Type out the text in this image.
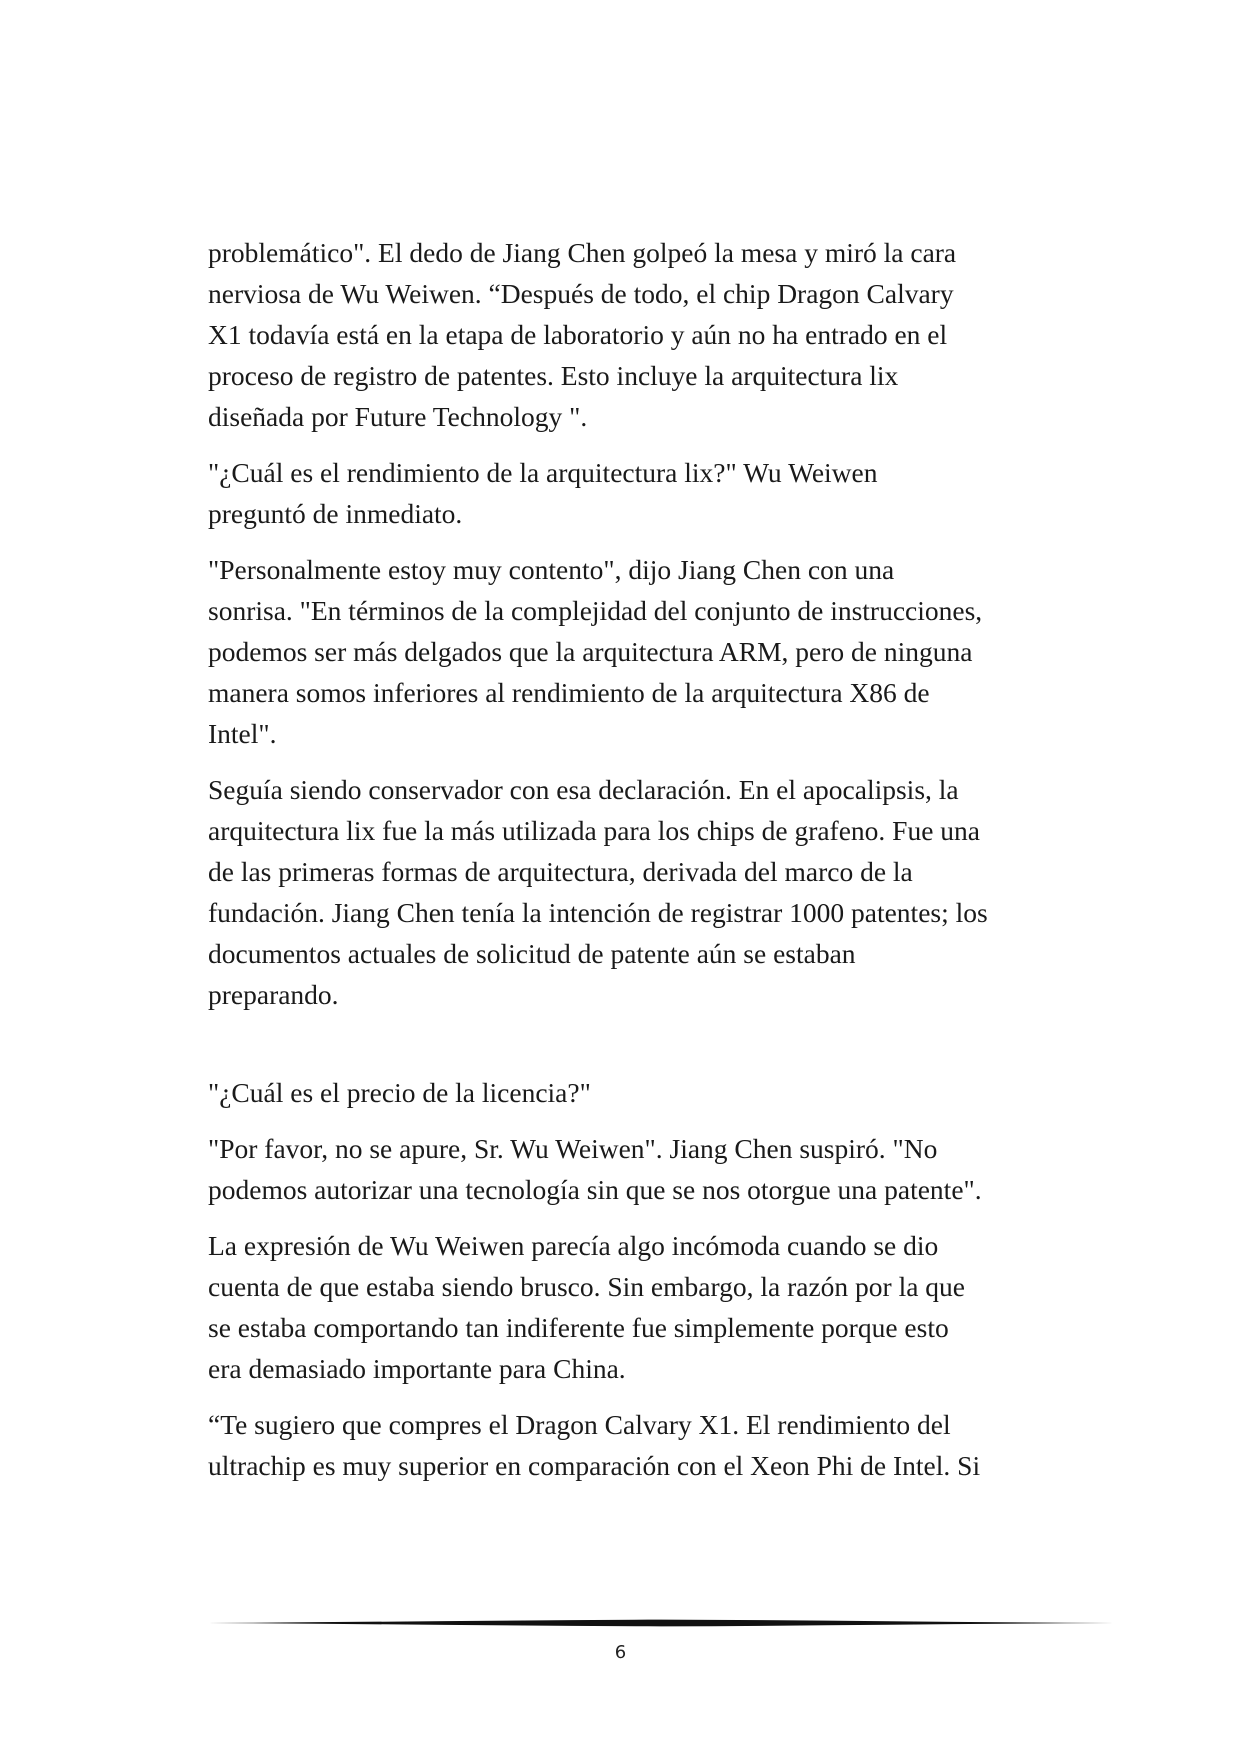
problemático". El dedo de Jiang Chen golpeó la mesa y miró la cara
nerviosa de Wu Weiwen. “Después de todo, el chip Dragon Calvary
X1 todavía está en la etapa de laboratorio y aún no ha entrado en el
proceso de registro de patentes. Esto incluye la arquitectura lix
diseñada por Future Technology ".

"¿Cuál es el rendimiento de la arquitectura lix?" Wu Weiwen
preguntó de inmediato.

"Personalmente estoy muy contento", dijo Jiang Chen con una
sonrisa. "En términos de la complejidad del conjunto de instrucciones,
podemos ser más delgados que la arquitectura ARM, pero de ninguna
manera somos inferiores al rendimiento de la arquitectura X86 de
Intel".

Seguía siendo conservador con esa declaración. En el apocalipsis, la
arquitectura lix fue la más utilizada para los chips de grafeno. Fue una
de las primeras formas de arquitectura, derivada del marco de la
fundación. Jiang Chen tenía la intención de registrar 1000 patentes; los
documentos actuales de solicitud de patente aún se estaban
preparando.

"¿Cuál es el precio de la licencia?"

"Por favor, no se apure, Sr. Wu Weiwen". Jiang Chen suspiró. "No
podemos autorizar una tecnología sin que se nos otorgue una patente".

La expresión de Wu Weiwen parecía algo incómoda cuando se dio
cuenta de que estaba siendo brusco. Sin embargo, la razón por la que
se estaba comportando tan indiferente fue simplemente porque esto
era demasiado importante para China.

“Te sugiero que compres el Dragon Calvary X1. El rendimiento del
ultrachip es muy superior en comparación con el Xeon Phi de Intel. Si

6
